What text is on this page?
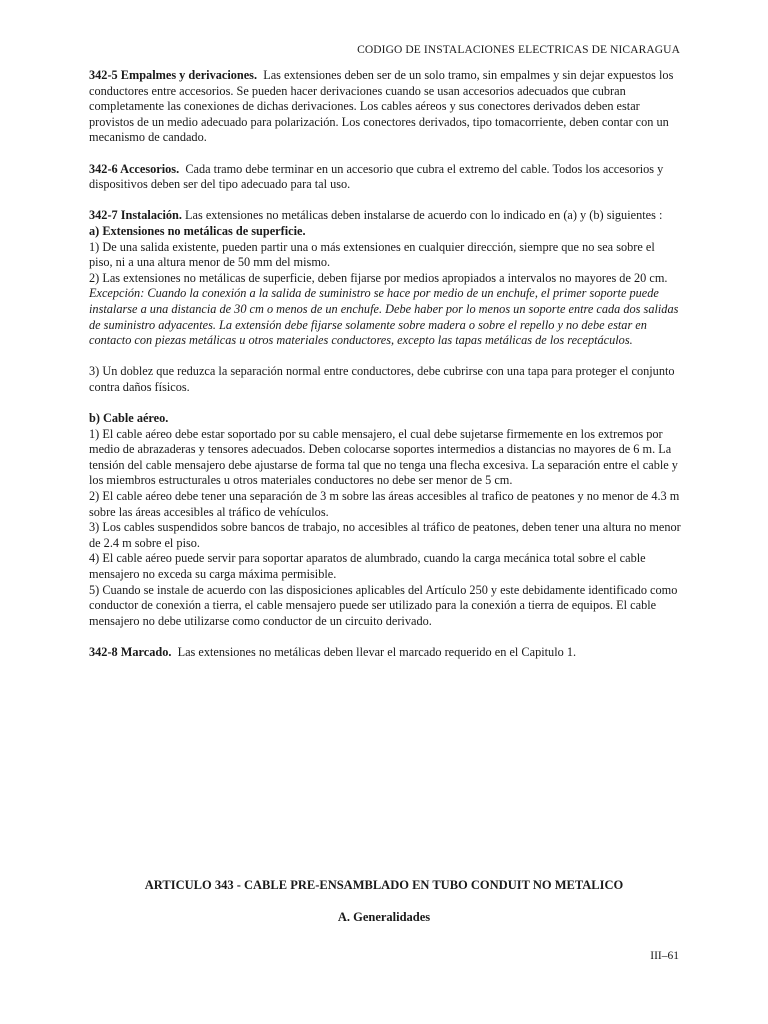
CODIGO DE INSTALACIONES ELECTRICAS DE NICARAGUA

342-5 Empalmes y derivaciones. Las extensiones deben ser de un solo tramo, sin empalmes y sin dejar expuestos los conductores entre accesorios. Se pueden hacer derivaciones cuando se usan accesorios adecuados que cubran completamente las conexiones de dichas derivaciones. Los cables aéreos y sus conectores derivados deben estar provistos de un medio adecuado para polarización. Los conectores derivados, tipo tomacorriente, deben contar con un mecanismo de candado.

342-6 Accesorios. Cada tramo debe terminar en un accesorio que cubra el extremo del cable. Todos los accesorios y dispositivos deben ser del tipo adecuado para tal uso.

342-7 Instalación. Las extensiones no metálicas deben instalarse de acuerdo con lo indicado en (a) y (b) siguientes :

a) Extensiones no metálicas de superficie.

1) De una salida existente, pueden partir una o más extensiones en cualquier dirección, siempre que no sea sobre el piso, ni a una altura menor de 50 mm del mismo.

2) Las extensiones no metálicas de superficie, deben fijarse por medios apropiados a intervalos no mayores de 20 cm.

Excepción: Cuando la conexión a la salida de suministro se hace por medio de un enchufe, el primer soporte puede instalarse a una distancia de 30 cm o menos de un enchufe. Debe haber por lo menos un soporte entre cada dos salidas de suministro adyacentes. La extensión debe fijarse solamente sobre madera o sobre el repello y no debe estar en contacto con piezas metálicas u otros materiales conductores, excepto las tapas metálicas de los receptáculos.

3) Un doblez que reduzca la separación normal entre conductores, debe cubrirse con una tapa para proteger el conjunto contra daños físicos.

b) Cable aéreo.

1) El cable aéreo debe estar soportado por su cable mensajero, el cual debe sujetarse firmemente en los extremos por medio de abrazaderas y tensores adecuados. Deben colocarse soportes intermedios a distancias no mayores de 6 m. La tensión del cable mensajero debe ajustarse de forma tal que no tenga una flecha excesiva. La separación entre el cable y los miembros estructurales u otros materiales conductores no debe ser menor de 5 cm.

2) El cable aéreo debe tener una separación de 3 m sobre las áreas accesibles al trafico de peatones y no menor de 4.3 m sobre las áreas accesibles al tráfico de vehículos.

3) Los cables suspendidos sobre bancos de trabajo, no accesibles al tráfico de peatones, deben tener una altura no menor de 2.4 m sobre el piso.

4) El cable aéreo puede servir para soportar aparatos de alumbrado, cuando la carga mecánica total sobre el cable mensajero no exceda su carga máxima permisible.

5) Cuando se instale de acuerdo con las disposiciones aplicables del Artículo 250 y este debidamente identificado como conductor de conexión a tierra, el cable mensajero puede ser utilizado para la conexión a tierra de equipos. El cable mensajero no debe utilizarse como conductor de un circuito derivado.

342-8 Marcado. Las extensiones no metálicas deben llevar el marcado requerido en el Capitulo 1.

ARTICULO 343 - CABLE PRE-ENSAMBLADO EN TUBO CONDUIT NO METALICO
A. Generalidades
III–61
